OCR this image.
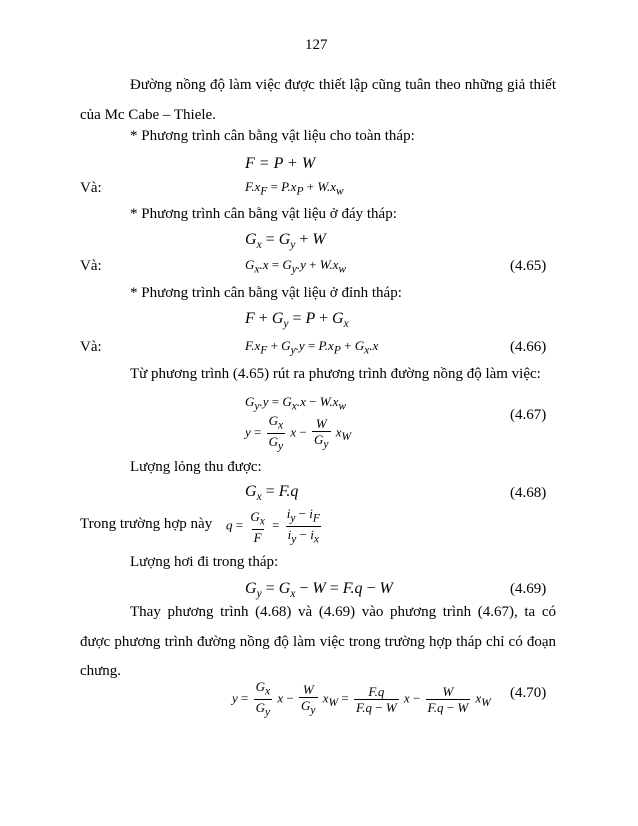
127
Đường nồng độ làm việc được thiết lập cũng tuân theo những giả thiết của Mc Cabe – Thiele.
* Phương trình cân bằng vật liệu cho toàn tháp:
F = P + W
Và:	$F.x_F = P.x_P + W.x_w$
* Phương trình cân bằng vật liệu ở đáy tháp:
$G_x = G_y + W$
Và:	$G_x.x = G_y.y + W.x_w$	(4.65)
* Phương trình cân bằng vật liệu ở đỉnh tháp:
$F + G_y = P + G_x$
Và:	$F.x_F + G_y.y = P.x_P + G_x.x$	(4.66)
Từ phương trình (4.65) rút ra phương trình đường nồng độ làm việc:
$G_y.y = G_x.x - W.x_w$
$y = \frac{G_x}{G_y}$ $x - \frac{W}{G_y} x_W$
(4.67)
Lượng lỏng thu được:
$G_x = F.q$	(4.68)
Trong trường hợp này $q = \frac{G_x}{F} = \frac{i_y - i_F}{i_y - i_x}$
Lượng hơi đi trong tháp:
$G_y = G_x - W = F.q - W$	(4.69)
Thay phương trình (4.68) và (4.69) vào phương trình (4.67), ta có được phương trình đường nồng độ làm việc trong trường hợp tháp chỉ có đoạn chưng.
$y = \frac{G_x}{G_y}$ $x - \frac{W}{G_y} x_W = \frac{F.q}{F.q - W}$ $x - \frac{W}{F.q - W} x_W$
(4.70)
